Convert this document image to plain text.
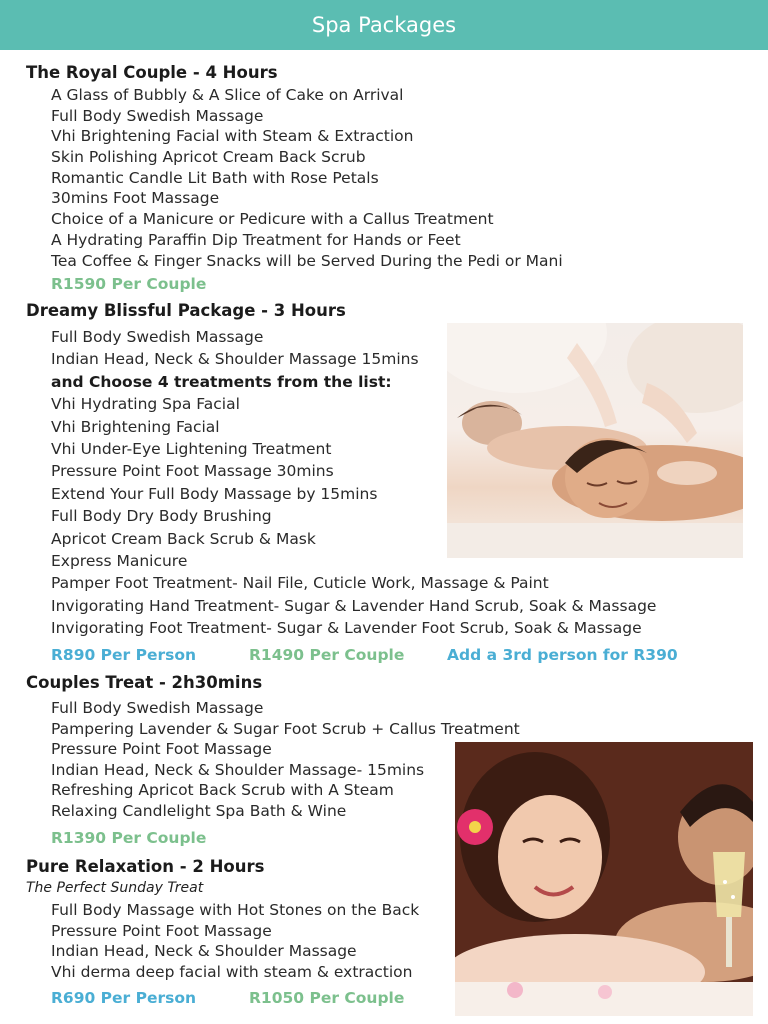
Spa Packages
The Royal Couple - 4 Hours
A Glass of Bubbly & A Slice of Cake on Arrival
Full Body Swedish Massage
Vhi Brightening Facial with Steam & Extraction
Skin Polishing Apricot Cream Back Scrub
Romantic Candle Lit Bath with Rose Petals
30mins Foot Massage
Choice of a Manicure or Pedicure with a Callus Treatment
A Hydrating Paraffin Dip Treatment for Hands or Feet
Tea Coffee & Finger Snacks will be Served During the Pedi or Mani
R1590 Per Couple
Dreamy Blissful Package - 3 Hours
Full Body Swedish Massage
Indian Head, Neck & Shoulder Massage 15mins
and Choose 4 treatments from the list:
Vhi Hydrating Spa Facial
Vhi Brightening Facial
Vhi Under-Eye Lightening Treatment
Pressure Point Foot Massage 30mins
Extend Your Full Body Massage by 15mins
Full Body Dry Body Brushing
Apricot Cream Back Scrub & Mask
Express Manicure
Pamper Foot Treatment- Nail File, Cuticle Work, Massage & Paint
Invigorating Hand Treatment- Sugar & Lavender Hand Scrub, Soak & Massage
Invigorating Foot Treatment- Sugar & Lavender Foot Scrub, Soak & Massage
R890 Per Person	R1490 Per Couple	Add a 3rd person for R390
Couples Treat - 2h30mins
Full Body Swedish Massage
Pampering Lavender & Sugar Foot Scrub + Callus Treatment
Pressure Point Foot Massage
Indian Head, Neck & Shoulder Massage- 15mins
Refreshing Apricot Back Scrub with A Steam
Relaxing Candlelight Spa Bath & Wine
R1390 Per Couple
Pure Relaxation - 2 Hours
The Perfect Sunday Treat
Full Body Massage with Hot Stones on the Back
Pressure Point Foot Massage
Indian Head, Neck & Shoulder Massage
Vhi derma deep facial with steam & extraction
R690 Per Person	R1050 Per Couple
